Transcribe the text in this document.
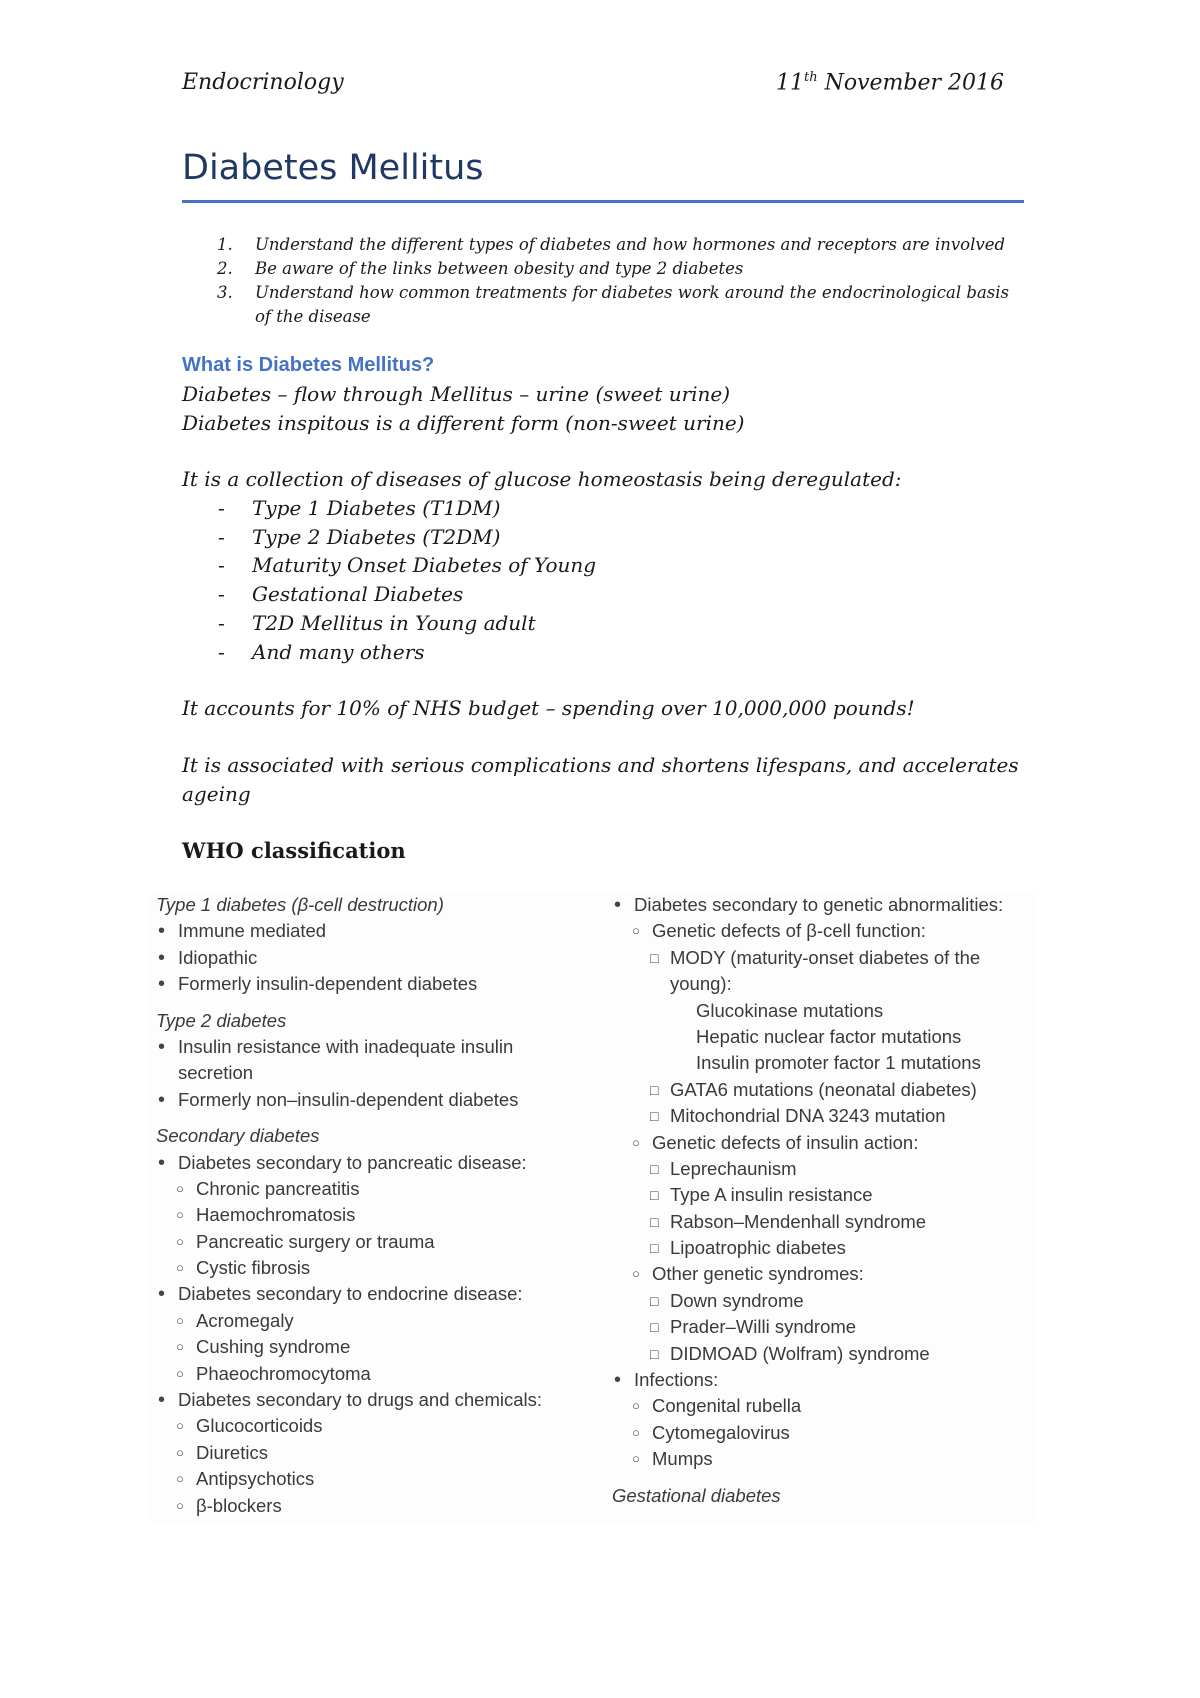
Endocrinology	11th November 2016
Diabetes Mellitus
1. Understand the different types of diabetes and how hormones and receptors are involved
2. Be aware of the links between obesity and type 2 diabetes
3. Understand how common treatments for diabetes work around the endocrinological basis of the disease
What is Diabetes Mellitus?
Diabetes – flow through Mellitus – urine (sweet urine)
Diabetes inspitous is a different form (non-sweet urine)
It is a collection of diseases of glucose homeostasis being deregulated:
- Type 1 Diabetes (T1DM)
- Type 2 Diabetes (T2DM)
- Maturity Onset Diabetes of Young
- Gestational Diabetes
- T2D Mellitus in Young adult
- And many others
It accounts for 10% of NHS budget – spending over 10,000,000 pounds!
It is associated with serious complications and shortens lifespans, and accelerates ageing
WHO classification
Type 1 diabetes (β-cell destruction)
• Immune mediated
• Idiopathic
• Formerly insulin-dependent diabetes
Type 2 diabetes
• Insulin resistance with inadequate insulin
secretion
• Formerly non–insulin-dependent diabetes
Secondary diabetes
• Diabetes secondary to pancreatic disease:
○ Chronic pancreatitis
○ Haemochromatosis
○ Pancreatic surgery or trauma
○ Cystic fibrosis
• Diabetes secondary to endocrine disease:
○ Acromegaly
○ Cushing syndrome
○ Phaeochromocytoma
• Diabetes secondary to drugs and chemicals:
○ Glucocorticoids
○ Diuretics
○ Antipsychotics
○ β-blockers
• Diabetes secondary to genetic abnormalities:
○ Genetic defects of β-cell function:
□ MODY (maturity-onset diabetes of the
young):
Glucokinase mutations
Hepatic nuclear factor mutations
Insulin promoter factor 1 mutations
□ GATA6 mutations (neonatal diabetes)
□ Mitochondrial DNA 3243 mutation
○ Genetic defects of insulin action:
□ Leprechaunism
□ Type A insulin resistance
□ Rabson–Mendenhall syndrome
□ Lipoatrophic diabetes
○ Other genetic syndromes:
□ Down syndrome
□ Prader–Willi syndrome
□ DIDMOAD (Wolfram) syndrome
• Infections:
○ Congenital rubella
○ Cytomegalovirus
○ Mumps
Gestational diabetes
